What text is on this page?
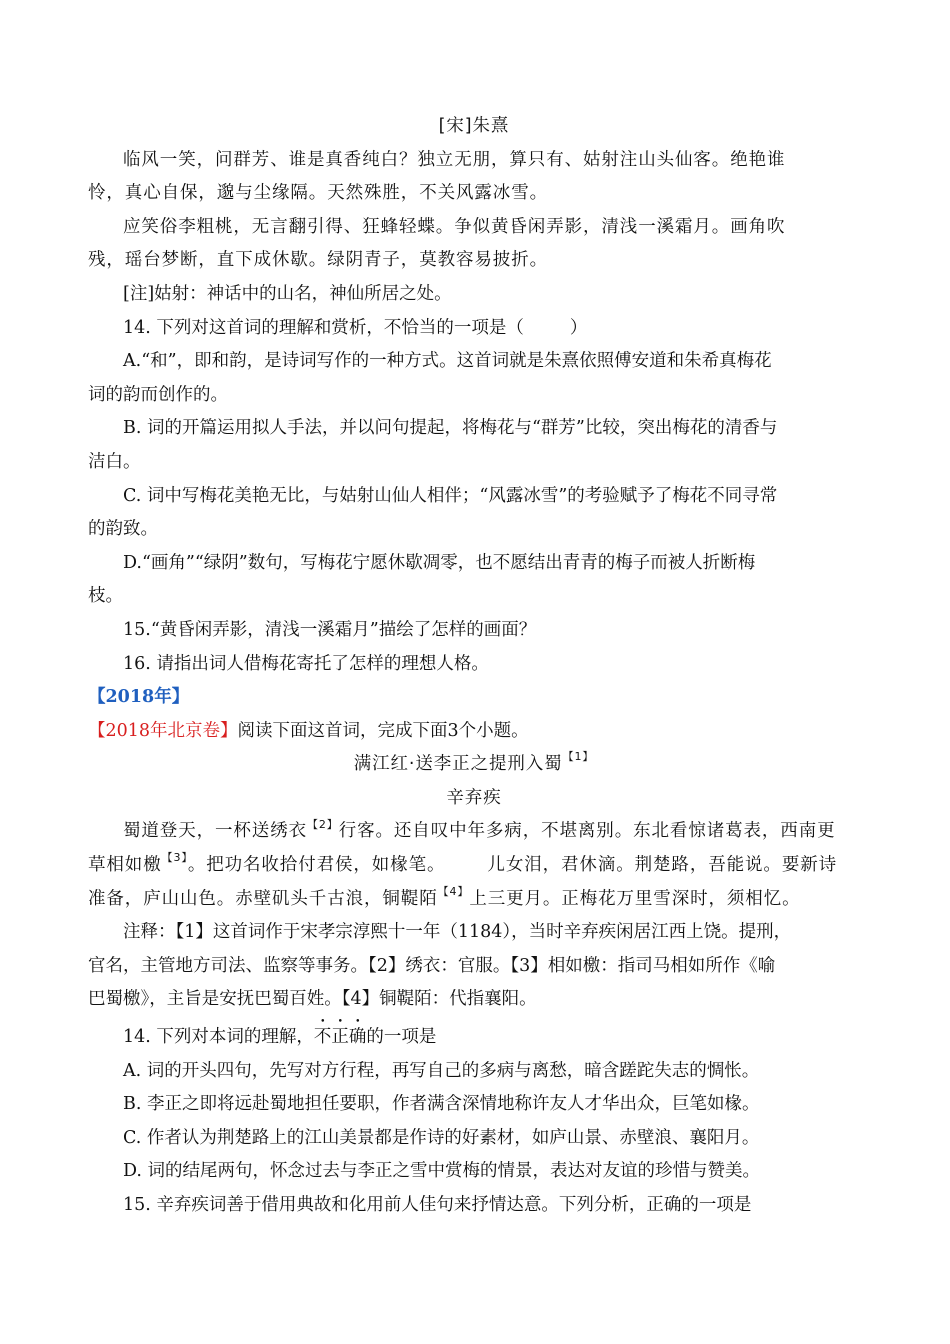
[宋]朱熹
临风一笑，问群芳、谁是真香纯白？独立无朋，算只有、姑射注山头仙客。绝艳谁
怜，真心自保，邈与尘缘隔。天然殊胜，不关风露冰雪。
应笑俗李粗桃，无言翻引得、狂蜂轻蝶。争似黄昏闲弄影，清浅一溪霜月。画角吹
残，瑶台梦断，直下成休歇。绿阴青子，莫教容易披折。
[注]姑射：神话中的山名，神仙所居之处。
14. 下列对这首词的理解和赏析，不恰当的一项是（	）
A.“和”，即和韵，是诗词写作的一种方式。这首词就是朱熹依照傅安道和朱希真梅花
词的韵而创作的。
B. 词的开篇运用拟人手法，并以问句提起，将梅花与“群芳”比较，突出梅花的清香与
洁白。
C. 词中写梅花美艳无比，与姑射山仙人相伴；“风露冰雪”的考验赋予了梅花不同寻常
的韵致。
D.“画角”“绿阴”数句，写梅花宁愿休歇凋零，也不愿结出青青的梅子而被人折断梅
枝。
15.“黄昏闲弄影，清浅一溪霜月”描绘了怎样的画面？
16. 请指出词人借梅花寄托了怎样的理想人格。
【2018年】
【2018年北京卷】阅读下面这首词，完成下面3个小题。
满江红·送李正之提刑入蜀$^{【1】}$
辛弃疾
蜀道登天，一杯送绣衣$^{【2】}$行客。还自叹中年多病，不堪离别。东北看惊诸葛表，西南更
草相如檄$^{【3】}$。把功名收拾付君侯，如椽笔。 儿女泪，君休滴。荆楚路，吾能说。要新诗
准备，庐山山色。赤壁矶头千古浪，铜鞮陌$^{【4】}$上三更月。正梅花万里雪深时，须相忆。
注释：【1】这首词作于宋孝宗淳熙十一年（1184），当时辛弃疾闲居江西上饶。提刑，
官名，主管地方司法、监察等事务。【2】绣衣：官服。【3】相如檄：指司马相如所作《喻
巴蜀檄》，主旨是安抚巴蜀百姓。【4】铜鞮陌：代指襄阳。
14. 下列对本词的理解，不正确的一项是
A. 词的开头四句，先写对方行程，再写自己的多病与离愁，暗含蹉跎失志的惆怅。
B. 李正之即将远赴蜀地担任要职，作者满含深情地称许友人才华出众，巨笔如椽。
C. 作者认为荆楚路上的江山美景都是作诗的好素材，如庐山景、赤壁浪、襄阳月。
D. 词的结尾两句，怀念过去与李正之雪中赏梅的情景，表达对友谊的珍惜与赞美。
15. 辛弃疾词善于借用典故和化用前人佳句来抒情达意。下列分析，正确的一项是
